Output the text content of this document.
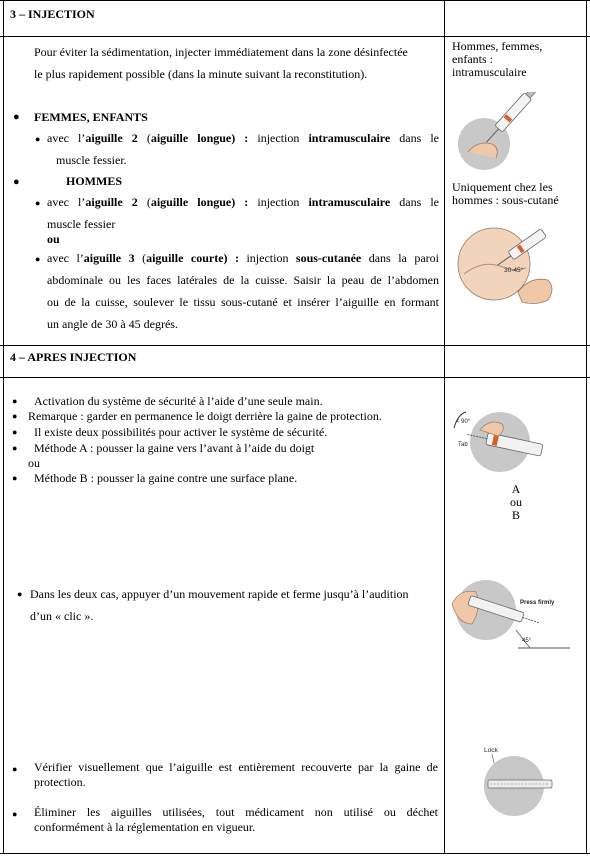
3 – INJECTION
Pour éviter la sédimentation, injecter immédiatement dans la zone désinfectée
le plus rapidement possible (dans la minute suivant la reconstitution).
● FEMMES, ENFANTS
● avec l’aiguille 2 (aiguille longue) : injection intramusculaire dans le
muscle fessier.
●	HOMMES
● avec l’aiguille 2 (aiguille longue) : injection intramusculaire dans le
muscle fessier
ou
● avec l’aiguille 3 (aiguille courte) : injection sous-cutanée dans la paroi
abdominale ou les faces latérales de la cuisse. Saisir la peau de l’abdomen
ou de la cuisse, soulever le tissu sous-cutané et insérer l’aiguille en formant
un angle de 30 à 45 degrés.
Hommes, femmes,
enfants :
intramusculaire
Uniquement chez les
hommes : sous-cutané
30-45°
4 – APRES INJECTION
● Activation du système de sécurité à l’aide d’une seule main.
● Remarque : garder en permanence le doigt derrière la gaine de protection.
● Il existe deux possibilités pour activer le système de sécurité.
● Méthode A : pousser la gaine vers l’avant à l’aide du doigt
ou
● Méthode B : pousser la gaine contre une surface plane.
● Dans les deux cas, appuyer d’un mouvement rapide et ferme jusqu’à l’audition
d’un « clic ».
● Vérifier visuellement que l’aiguille est entièrement recouverte par la gaine de
protection.
● Éliminer les aiguilles utilisées, tout médicament non utilisé ou déchet
conformément à la réglementation en vigueur.
< 90°
Tab
A
ou
B
Press firmly
45°
Lock
